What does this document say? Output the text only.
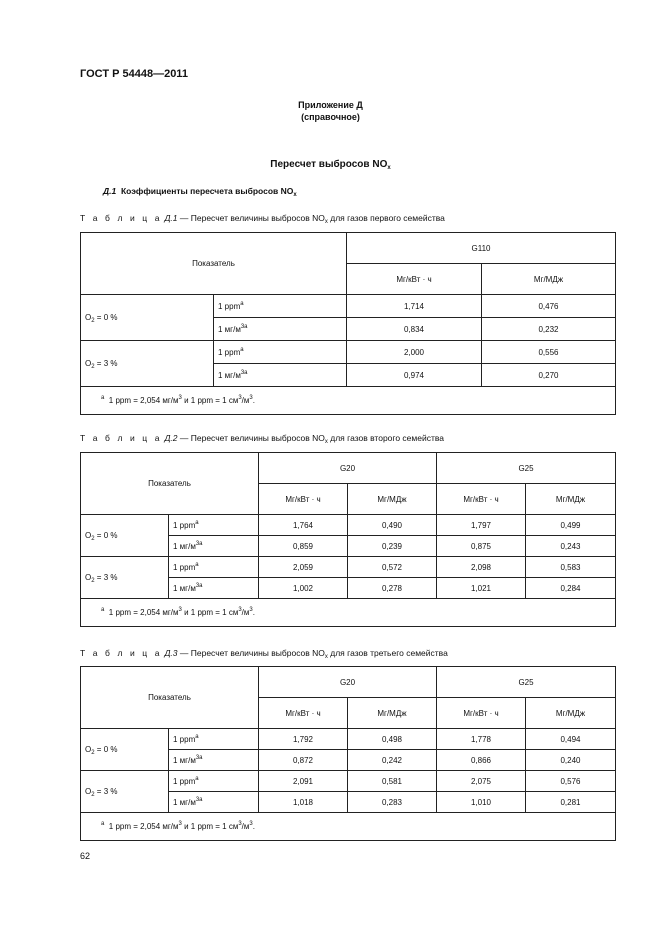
ГОСТ Р 54448—2011
Приложение Д
(справочное)
Пересчет выбросов $NO_x$
Д.1 Коэффициенты пересчета выбросов $NO_x$
Т а б л и ц а Д.1 — Пересчет величины выбросов $NO_x$ для газов первого семейства
Показатель		G110	
		Мг/кВт · ч	Мг/МДж
$O_2 = 0$ %	1 ppm$^a$	1,714	0,476
	1 $мг/м^{3a}$	0,834	0,232
$O_2 = 3$ %	1 ppm$^a$	2,000	0,556
	1 $мг/м^{3a}$	0,974	0,270
$^a$ 1 ppm = 2,054 $мг/м^3$ и 1 ppm = 1 $см^3/м^3$.			
Т а б л и ц а Д.2 — Пересчет величины выбросов $NO_x$ для газов второго семейства
Показатель		G20		G25	
		Мг/кВт · ч	Мг/МДж	Мг/кВт · ч	Мг/МДж
$O_2 = 0$ %	1 ppm$^a$	1,764	0,490	1,797	0,499
	1 $мг/м^{3a}$	0,859	0,239	0,875	0,243
$O_2 = 3$ %	1 ppm$^a$	2,059	0,572	2,098	0,583
	1 $мг/м^{3a}$	1,002	0,278	1,021	0,284
$^a$ 1 ppm = 2,054 $мг/м^3$ и 1 ppm = 1 $см^3/м^3$.					
Т а б л и ц а Д.3 — Пересчет величины выбросов $NO_x$ для газов третьего семейства
Показатель		G20		G25	
		Мг/кВт · ч	Мг/МДж	Мг/кВт · ч	Мг/МДж
$O_2 = 0$ %	1 ppm$^a$	1,792	0,498	1,778	0,494
	1 $мг/м^{3a}$	0,872	0,242	0,866	0,240
$O_2 = 3$ %	1 ppm$^a$	2,091	0,581	2,075	0,576
	1 $мг/м^{3a}$	1,018	0,283	1,010	0,281
$^a$ 1 ppm = 2,054 $мг/м^3$ и 1 ppm = 1 $см^3/м^3$.					
62
